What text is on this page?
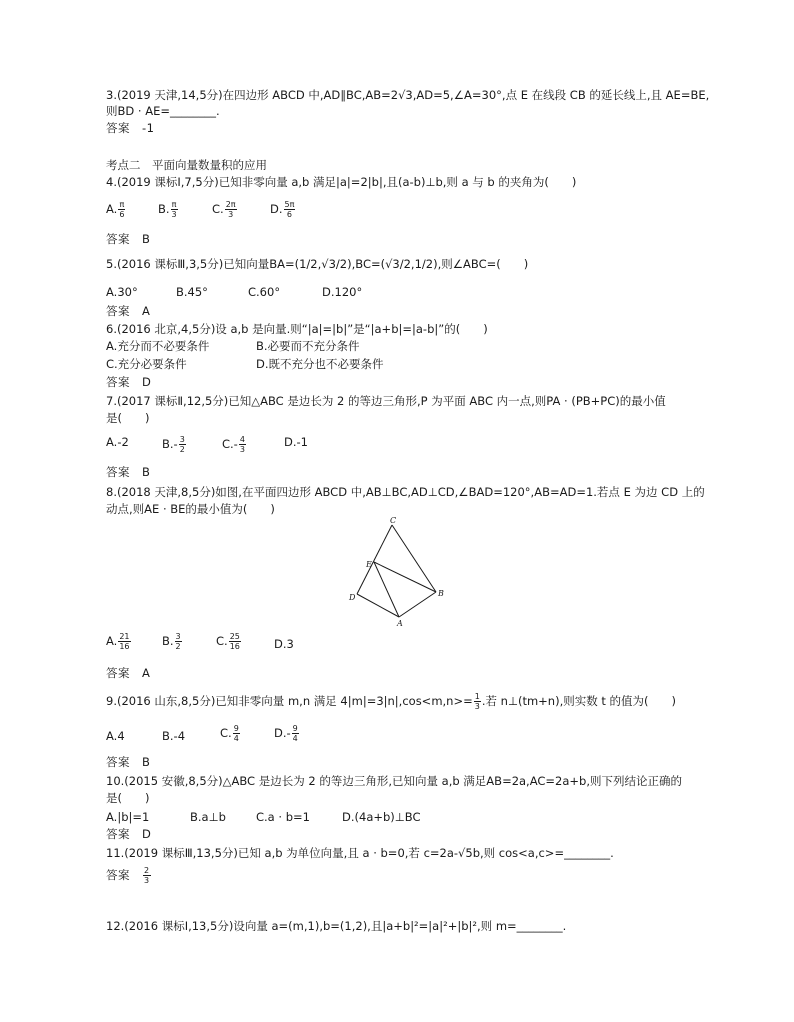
3.(2019 天津,14,5分)在四边形 ABCD 中,AD∥BC,AB=2√3,AD=5,∠A=30°,点 E 在线段 CB 的延长线上,且 AE=BE,
则BD · AE=________.
答案　-1
考点二　平面向量数量积的应用
4.(2019 课标Ⅰ,7,5分)已知非零向量 a,b 满足|a|=2|b|,且(a-b)⊥b,则 a 与 b 的夹角为(　　)
A. $\frac{\pi}{6}$	B. $\frac{\pi}{3}$	C. $\frac{2\pi}{3}$	D. $\frac{5\pi}{6}$
答案　B
5.(2016 课标Ⅲ,3,5分)已知向量BA=(1/2,√3/2),BC=(√3/2,1/2),则∠ABC=(　　)
A.30°	B.45°	C.60°	D.120°
答案　A
6.(2016 北京,4,5分)设 a,b 是向量.则“|a|=|b|”是“|a+b|=|a-b|”的(　　)
A.充分而不必要条件	B.必要而不充分条件
C.充分必要条件	D.既不充分也不必要条件
答案　D
7.(2017 课标Ⅱ,12,5分)已知△ABC 是边长为 2 的等边三角形,P 为平面 ABC 内一点,则PA · (PB+PC)的最小值
是(　　)
A.-2	$B.- \frac{3}{2}$	$C.- \frac{4}{3}$	D.-1
答案　B
8.(2018 天津,8,5分)如图,在平面四边形 ABCD 中,AB⊥BC,AD⊥CD,∠BAD=120°,AB=AD=1.若点 E 为边 CD 上的
动点,则AE · BE的最小值为(　　)
C
E
D	B
A
A. $\frac{21}{16}$	B. $\frac{3}{2}$	C. $\frac{25}{16}$	D.3
答案　A
9.(2016 山东,8,5分)已知非零向量 m,n 满足 $4|m|=3|n|,\cos<m,n>= \frac{1}{3}$ .若 n⊥(tm+n),则实数 t 的值为(　　)
A.4	B.-4	C. $\frac{9}{4}$	$D.- \frac{9}{4}$
答案　B
10.(2015 安徽,8,5分)△ABC 是边长为 2 的等边三角形,已知向量 a,b 满足AB=2a,AC=2a+b,则下列结论正确的
是(　　)
A.|b|=1	B.a⊥b	C.a · b=1	D.(4a+b)⊥BC
答案　D
11.(2019 课标Ⅲ,13,5分)已知 a,b 为单位向量,且 a · b=0,若 c=2a-√5b,则 cos<a,c>=________.
答案　 $\frac{2}{3}$
12.(2016 课标Ⅰ,13,5分)设向量 a=(m,1),b=(1,2),且|a+b|²=|a|²+|b|²,则 m=________.
